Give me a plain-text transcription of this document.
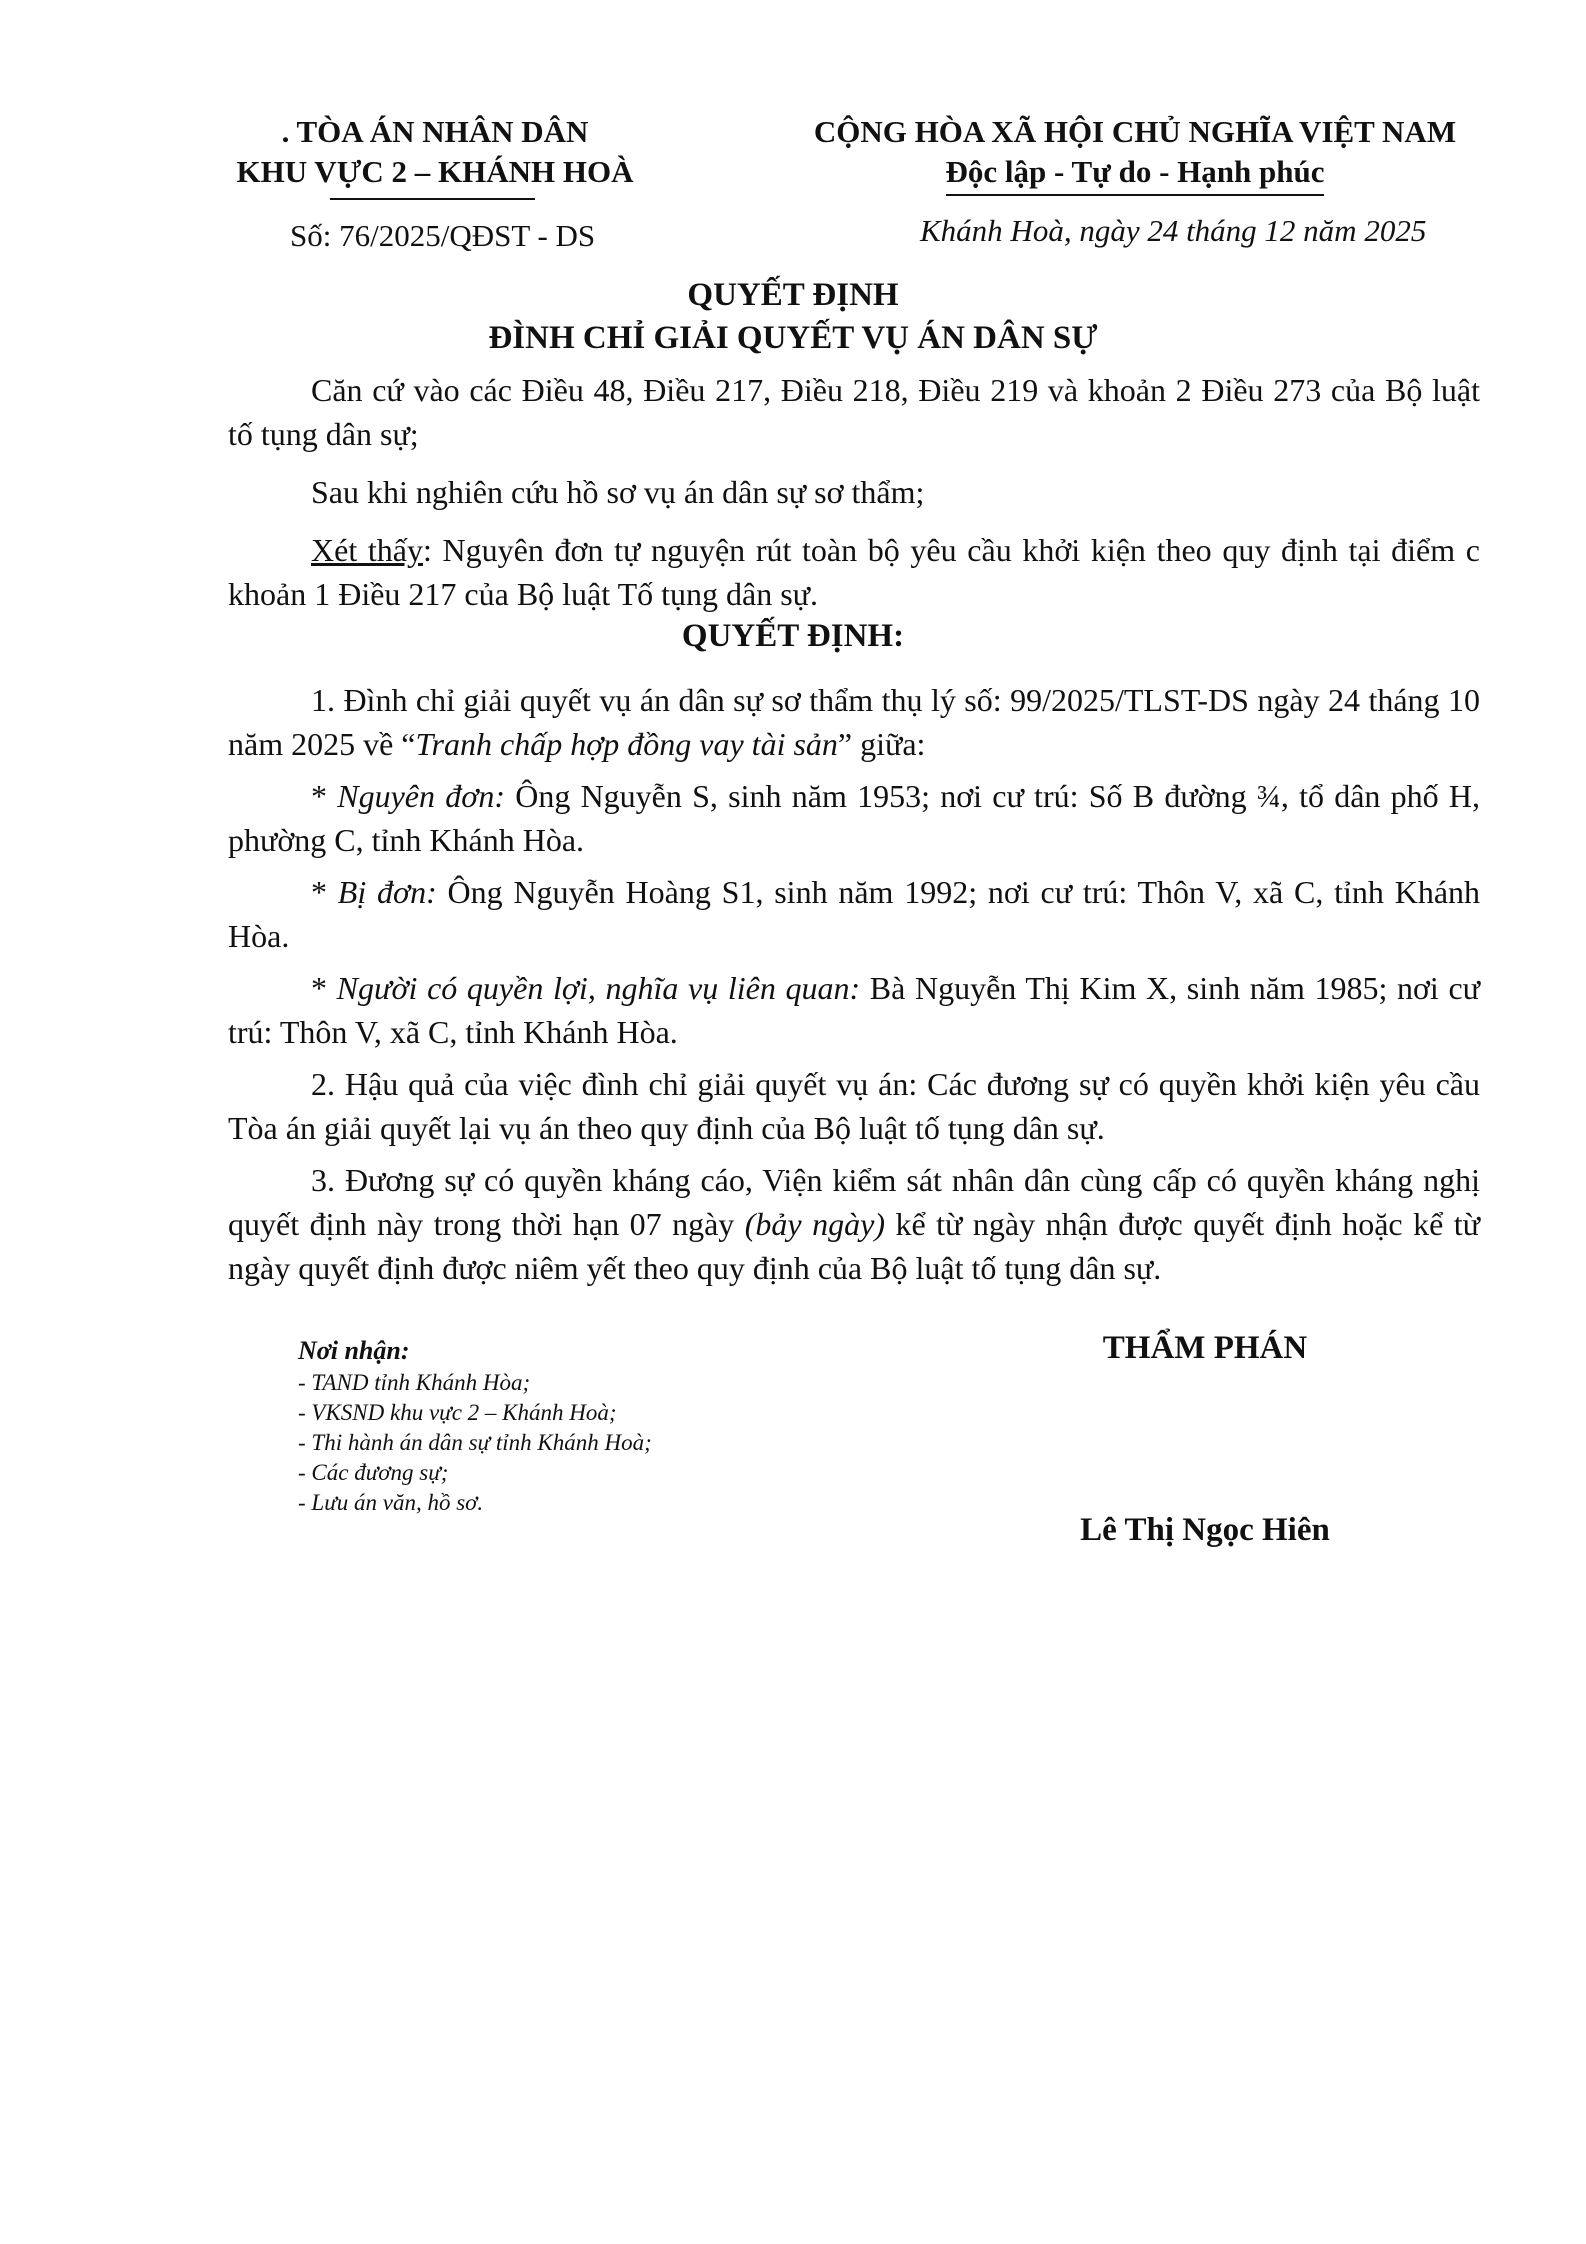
. TÒA ÁN NHÂN DÂN
KHU VỰC 2 – KHÁNH HOÀ
CỘNG HÒA XÃ HỘI CHỦ NGHĨA VIỆT NAM
Độc lập - Tự do - Hạnh phúc
Số: 76/2025/QĐST - DS	Khánh Hoà, ngày 24 tháng 12 năm 2025
QUYẾT ĐỊNH
ĐÌNH CHỈ GIẢI QUYẾT VỤ ÁN DÂN SỰ

Căn cứ vào các Điều 48, Điều 217, Điều 218, Điều 219 và khoản 2 Điều 273 của Bộ luật tố tụng dân sự;

Sau khi nghiên cứu hồ sơ vụ án dân sự sơ thẩm;

Xét thấy: Nguyên đơn tự nguyện rút toàn bộ yêu cầu khởi kiện theo quy định tại điểm c khoản 1 Điều 217 của Bộ luật Tố tụng dân sự.

QUYẾT ĐỊNH:

1. Đình chỉ giải quyết vụ án dân sự sơ thẩm thụ lý số: 99/2025/TLST-DS ngày 24 tháng 10 năm 2025 về “Tranh chấp hợp đồng vay tài sản” giữa:

* Nguyên đơn: Ông Nguyễn S, sinh năm 1953; nơi cư trú: Số B đường ¾, tổ dân phố H, phường C, tỉnh Khánh Hòa.

* Bị đơn: Ông Nguyễn Hoàng S1, sinh năm 1992; nơi cư trú: Thôn V, xã C, tỉnh Khánh Hòa.

* Người có quyền lợi, nghĩa vụ liên quan: Bà Nguyễn Thị Kim X, sinh năm 1985; nơi cư trú: Thôn V, xã C, tỉnh Khánh Hòa.

2. Hậu quả của việc đình chỉ giải quyết vụ án: Các đương sự có quyền khởi kiện yêu cầu Tòa án giải quyết lại vụ án theo quy định của Bộ luật tố tụng dân sự.

3. Đương sự có quyền kháng cáo, Viện kiểm sát nhân dân cùng cấp có quyền kháng nghị quyết định này trong thời hạn 07 ngày (bảy ngày) kể từ ngày nhận được quyết định hoặc kể từ ngày quyết định được niêm yết theo quy định của Bộ luật tố tụng dân sự.

Nơi nhận:
- TAND tỉnh Khánh Hòa;
- VKSND khu vực 2 – Khánh Hoà;
- Thi hành án dân sự tỉnh Khánh Hoà;
- Các đương sự;
- Lưu án văn, hồ sơ.
THẨM PHÁN
Lê Thị Ngọc Hiên
